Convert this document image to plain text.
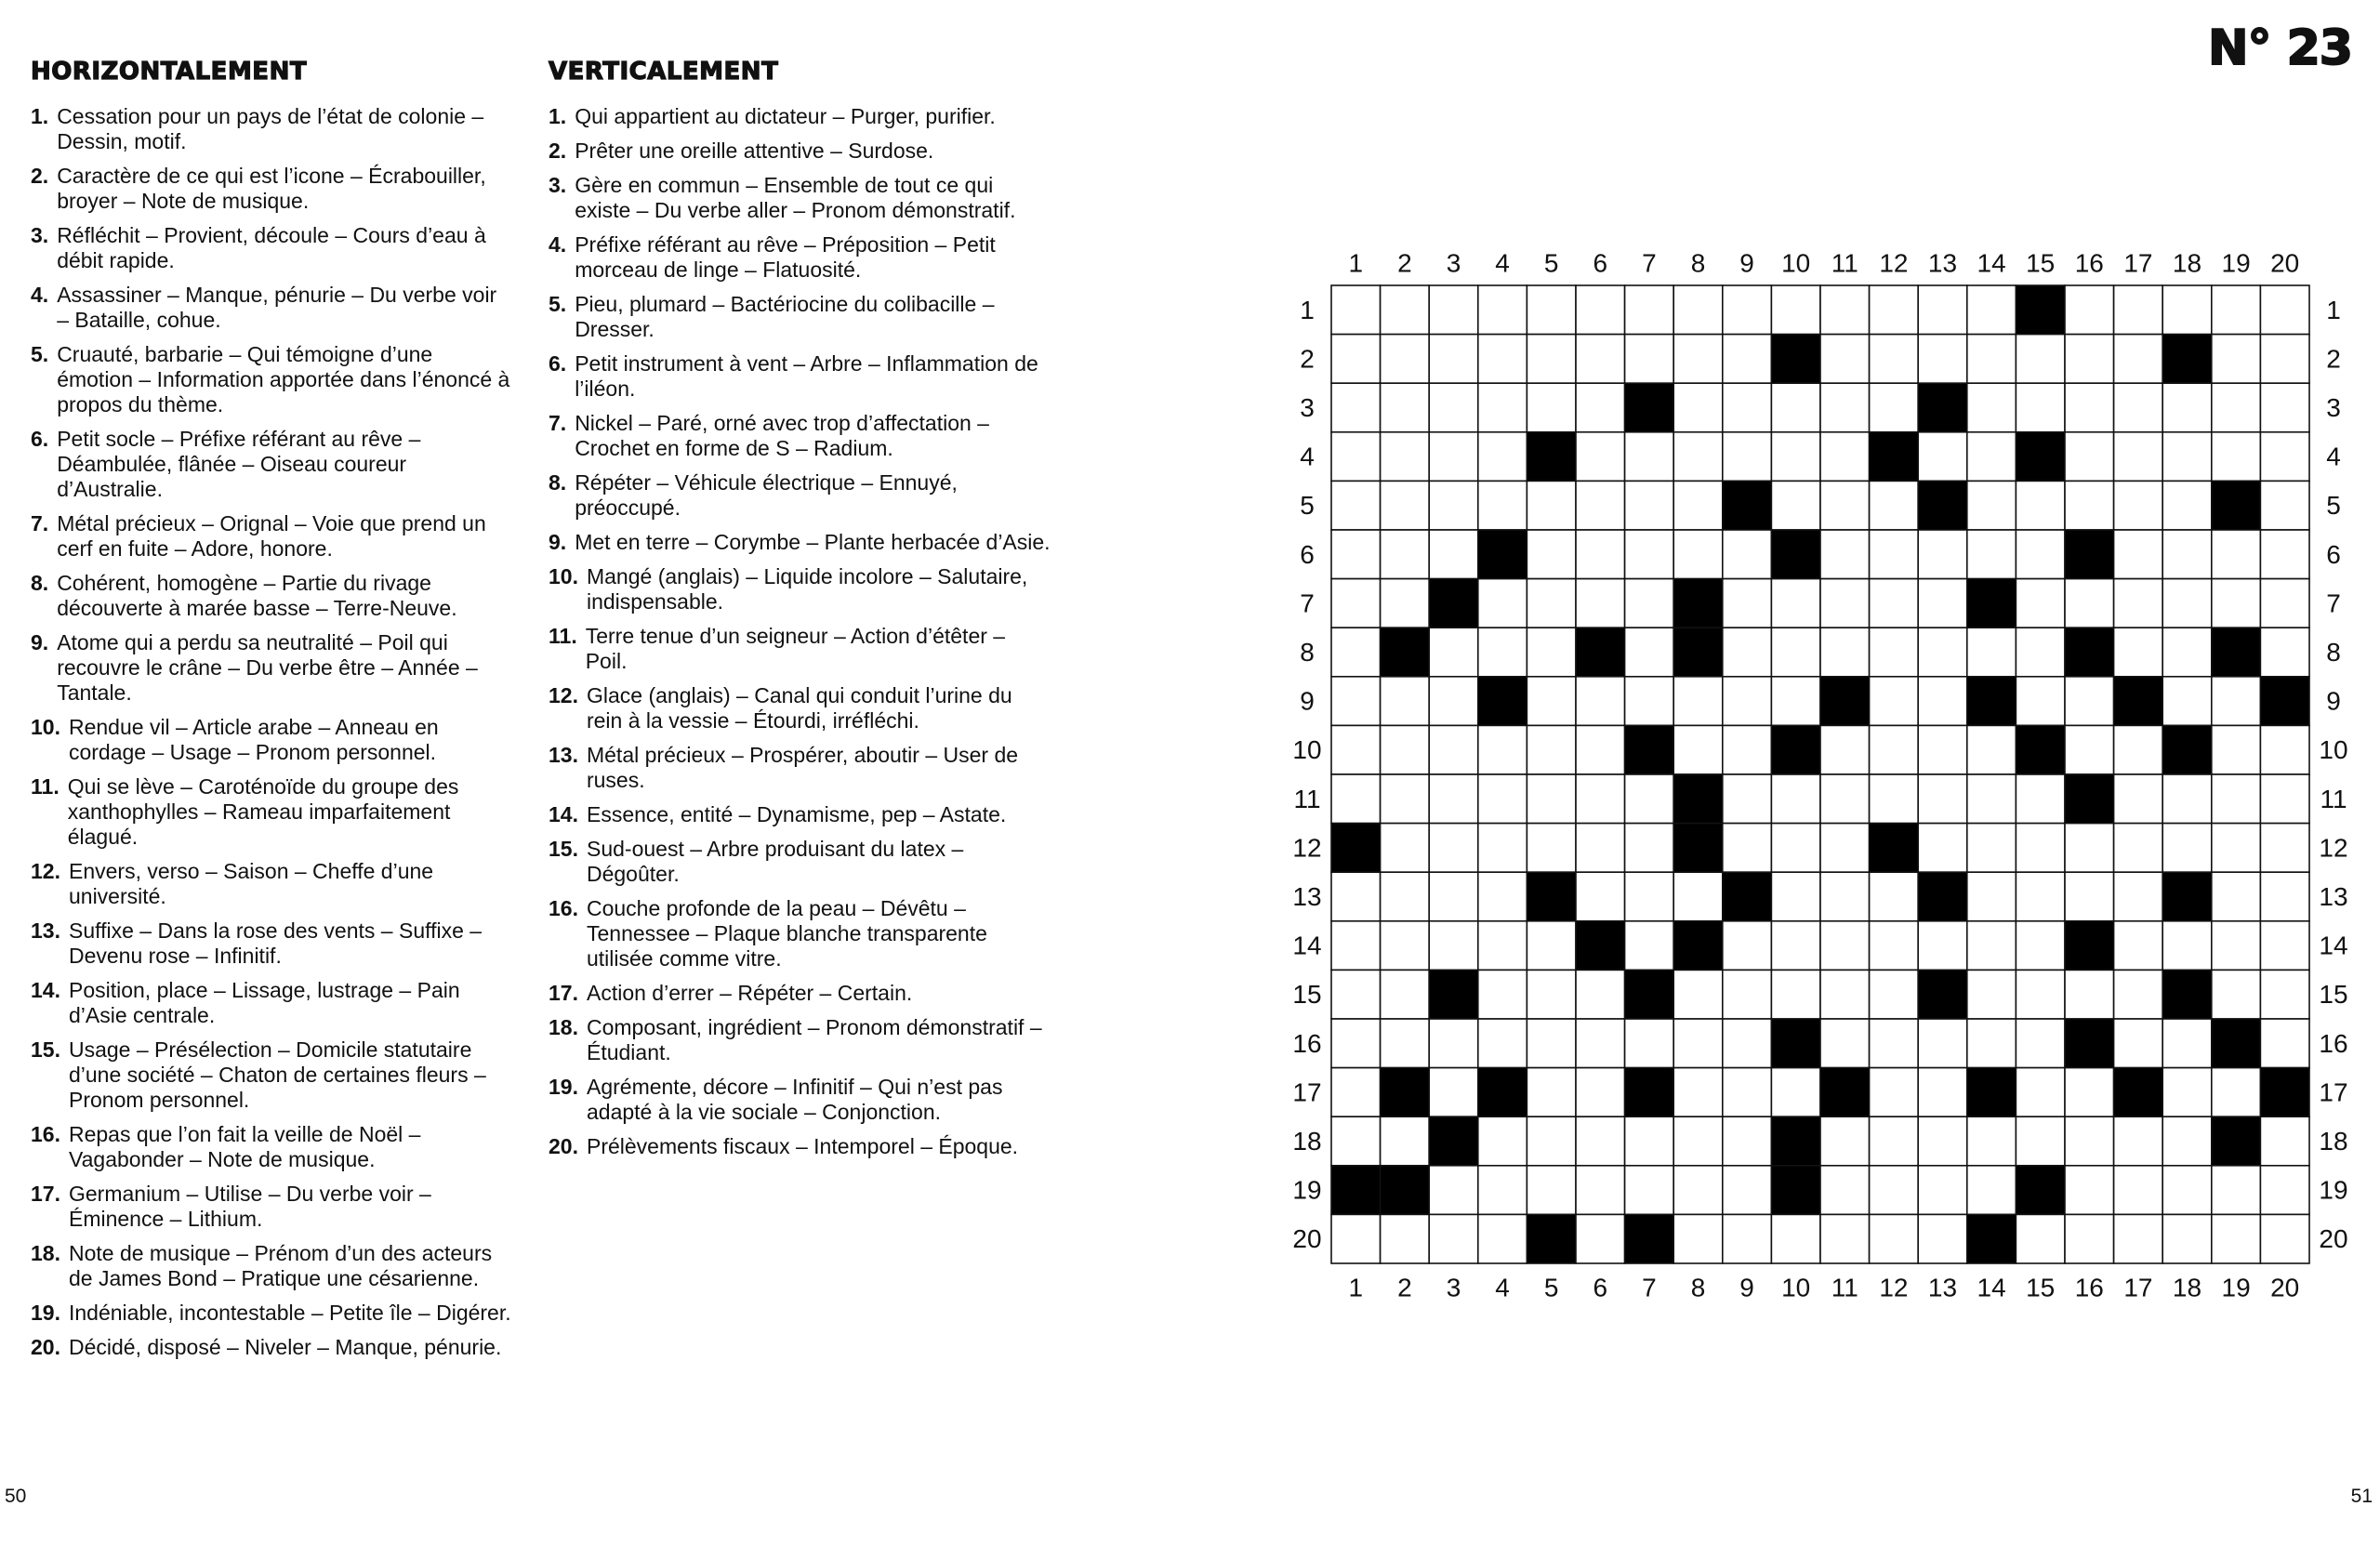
HORIZONTALEMENT
1. Cessation pour un pays de l’état de colonie – Dessin, motif.
2. Caractère de ce qui est l’icone – Écrabouiller, broyer – Note de musique.
3. Réfléchit – Provient, découle – Cours d’eau à débit rapide.
4. Assassiner – Manque, pénurie – Du verbe voir – Bataille, cohue.
5. Cruauté, barbarie – Qui témoigne d’une émotion – Information apportée dans l’énoncé à propos du thème.
6. Petit socle – Préfixe référant au rêve – Déambulée, flânée – Oiseau coureur d’Australie.
7. Métal précieux – Orignal – Voie que prend un cerf en fuite – Adore, honore.
8. Cohérent, homogène – Partie du rivage découverte à marée basse – Terre-Neuve.
9. Atome qui a perdu sa neutralité – Poil qui recouvre le crâne – Du verbe être – Année – Tantale.
10. Rendue vil – Article arabe – Anneau en cordage – Usage – Pronom personnel.
11. Qui se lève – Caroténoïde du groupe des xanthophylles – Rameau imparfaitement élagué.
12. Envers, verso – Saison – Cheffe d’une université.
13. Suffixe – Dans la rose des vents – Suffixe – Devenu rose – Infinitif.
14. Position, place – Lissage, lustrage – Pain d’Asie centrale.
15. Usage – Présélection – Domicile statutaire d’une société – Chaton de certaines fleurs – Pronom personnel.
16. Repas que l’on fait la veille de Noël – Vagabonder – Note de musique.
17. Germanium – Utilise – Du verbe voir – Éminence – Lithium.
18. Note de musique – Prénom d’un des acteurs de James Bond – Pratique une césarienne.
19. Indéniable, incontestable – Petite île – Digérer.
20. Décidé, disposé – Niveler – Manque, pénurie.
VERTICALEMENT
1. Qui appartient au dictateur – Purger, purifier.
2. Prêter une oreille attentive – Surdose.
3. Gère en commun – Ensemble de tout ce qui existe – Du verbe aller – Pronom démonstratif.
4. Préfixe référant au rêve – Préposition – Petit morceau de linge – Flatuosité.
5. Pieu, plumard – Bactériocine du colibacille – Dresser.
6. Petit instrument à vent – Arbre – Inflammation de l’iléon.
7. Nickel – Paré, orné avec trop d’affectation – Crochet en forme de S – Radium.
8. Répéter – Véhicule électrique – Ennuyé, préoccupé.
9. Met en terre – Corymbe – Plante herbacée d’Asie.
10. Mangé (anglais) – Liquide incolore – Salutaire, indispensable.
11. Terre tenue d’un seigneur – Action d’étêter – Poil.
12. Glace (anglais) – Canal qui conduit l’urine du rein à la vessie – Étourdi, irréfléchi.
13. Métal précieux – Prospérer, aboutir – User de ruses.
14. Essence, entité – Dynamisme, pep – Astate.
15. Sud-ouest – Arbre produisant du latex – Dégoûter.
16. Couche profonde de la peau – Dévêtu – Tennessee – Plaque blanche transparente utilisée comme vitre.
17. Action d’errer – Répéter – Certain.
18. Composant, ingrédient – Pronom démonstratif – Étudiant.
19. Agrémente, décore – Infinitif – Qui n’est pas adapté à la vie sociale – Conjonction.
20. Prélèvements fiscaux – Intemporel – Époque.
N° 23
1
1
2
2
3
3
4
4
5
5
6
6
7
7
8
8
9
9
10
10
11
11
12
12
13
13
14
14
15
15
16
16
17
17
18
18
19
19
20
20
1	1
2	2
3	3
4	4
5	5
6	6
7	7
8	8
9	9
10	10
11	11
12	12
13	13
14	14
15	15
16	16
17	17
18	18
19	19
20	20
50	51
